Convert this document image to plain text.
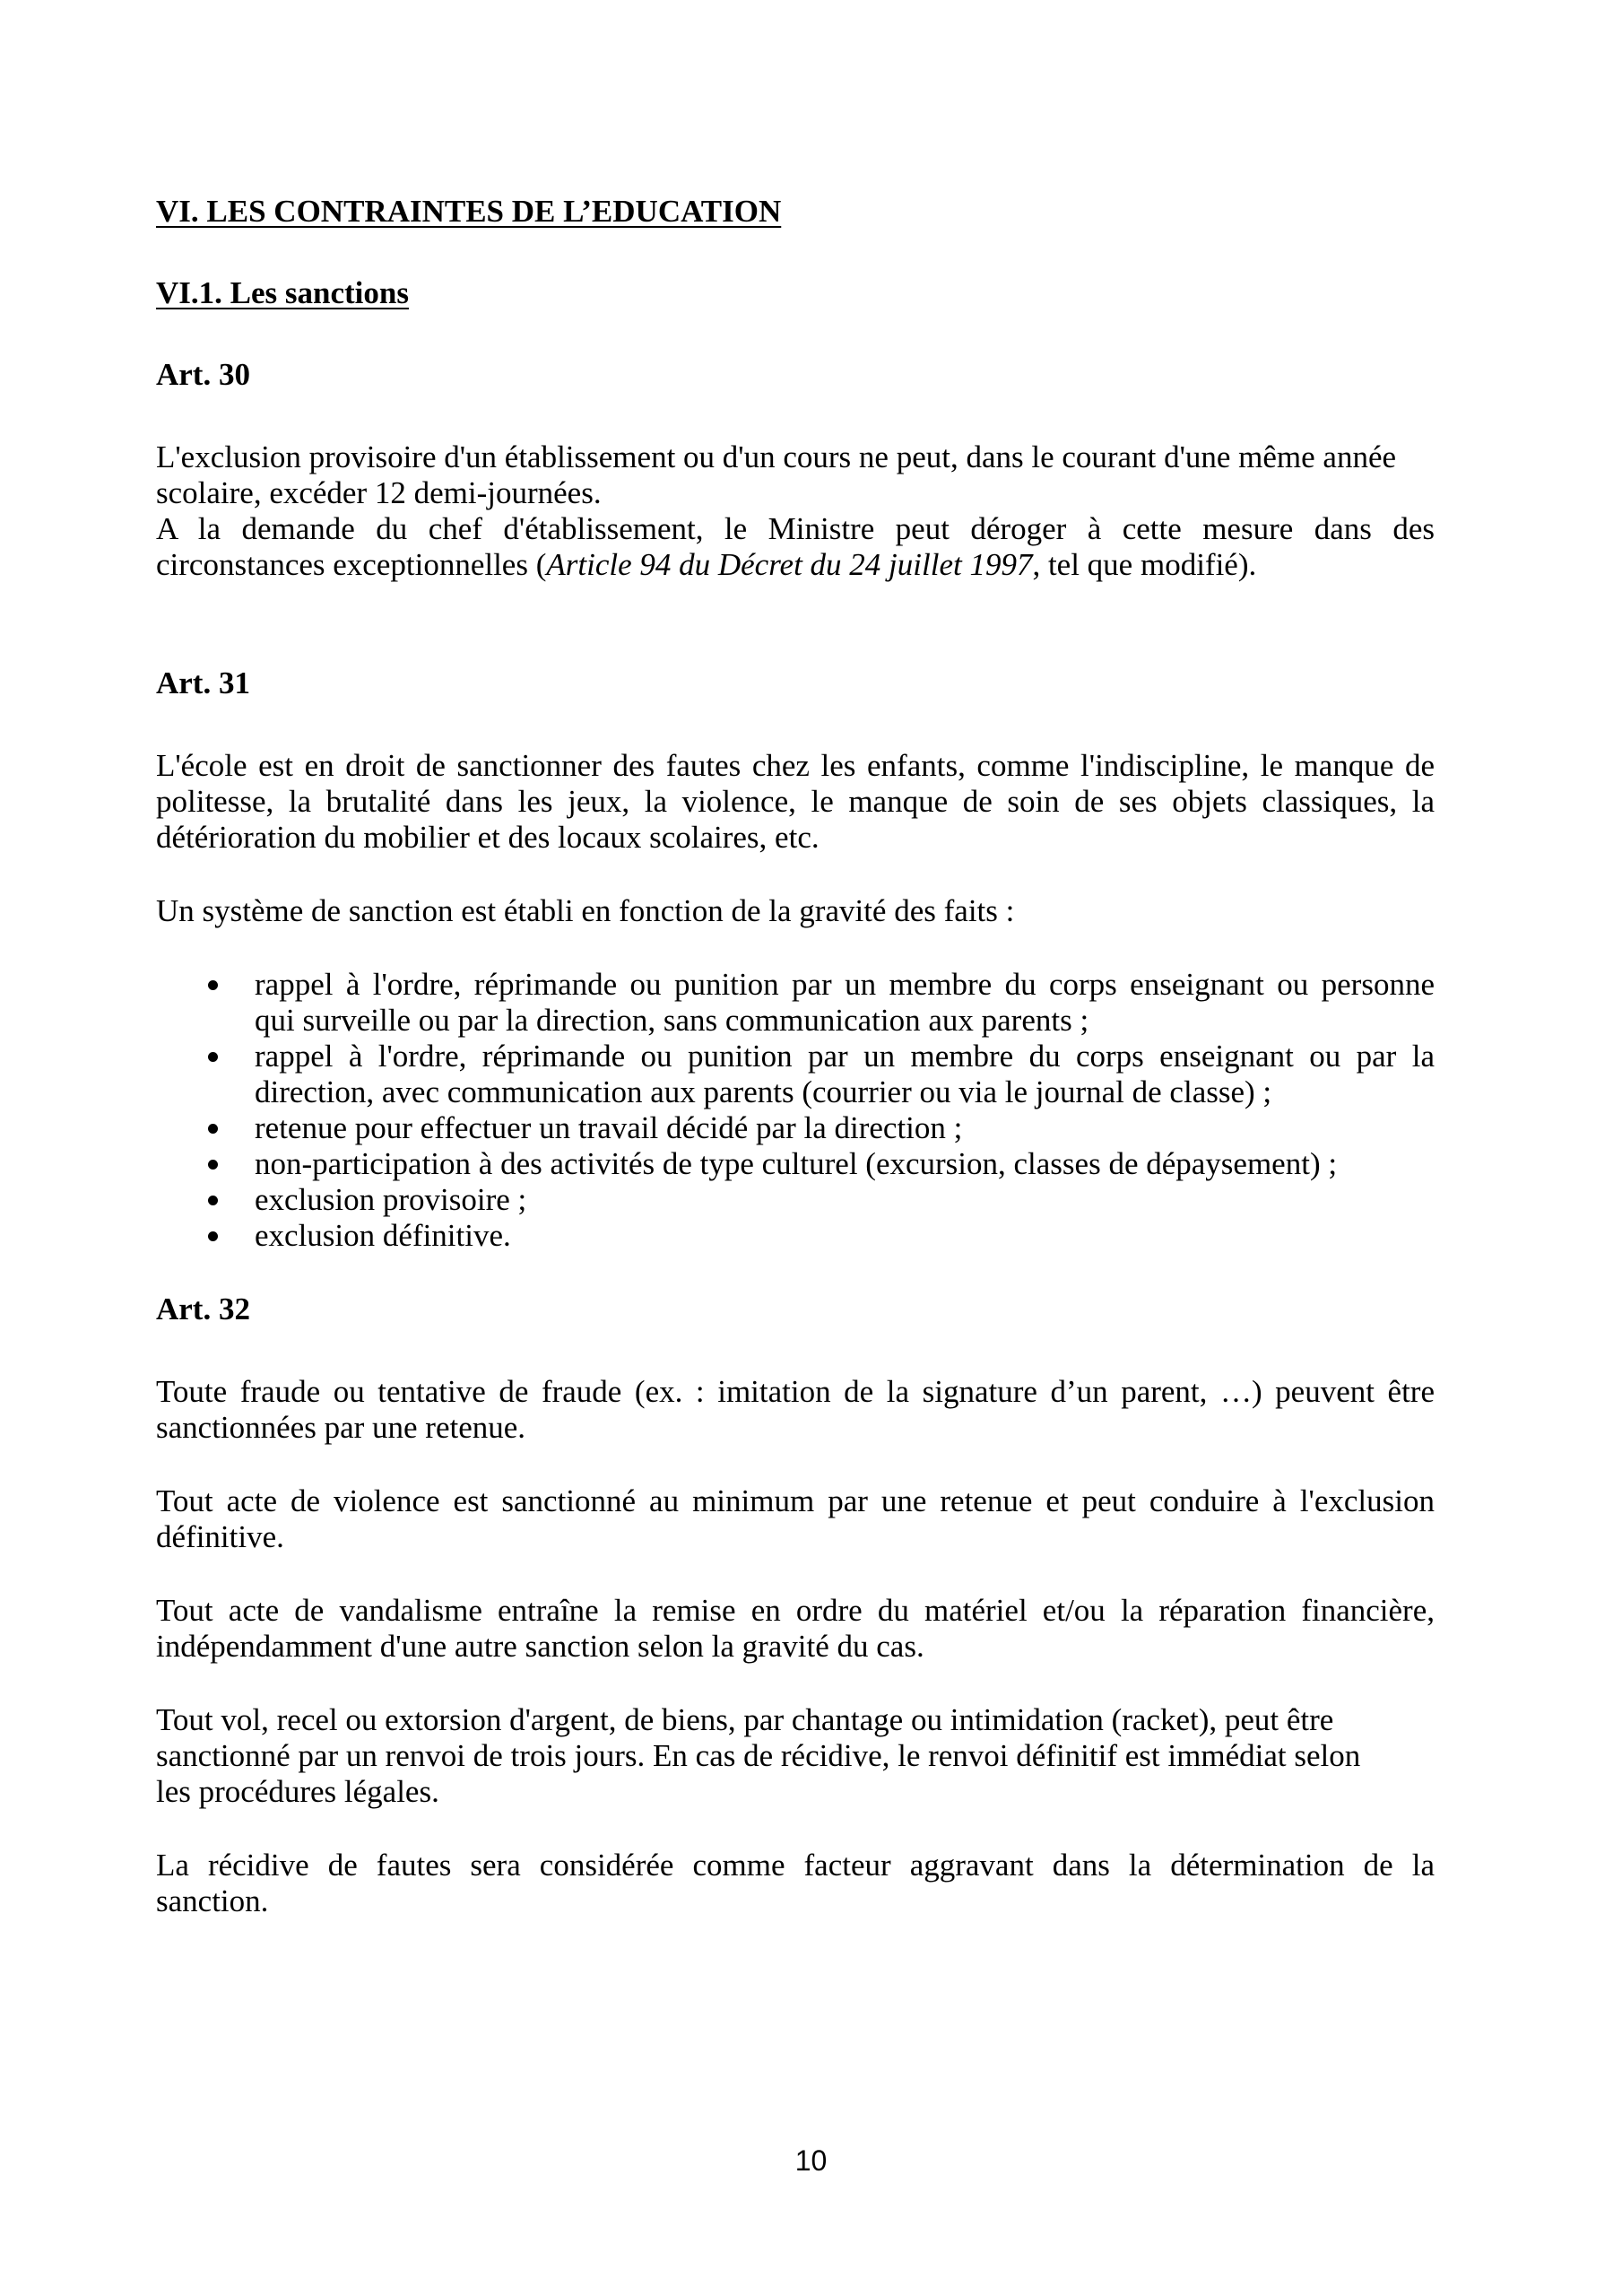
VI. LES CONTRAINTES DE L’EDUCATION

VI.1. Les sanctions

Art. 30

L'exclusion provisoire d'un établissement ou d'un cours ne peut, dans le courant d'une même année
scolaire, excéder 12 demi-journées.

A la demande du chef d'établissement, le Ministre peut déroger à cette mesure dans des
circonstances exceptionnelles (Article 94 du Décret du 24 juillet 1997, tel que modifié).

Art. 31

L'école est en droit de sanctionner des fautes chez les enfants, comme l'indiscipline, le manque de
politesse, la brutalité dans les jeux, la violence, le manque de soin de ses objets classiques, la
détérioration du mobilier et des locaux scolaires, etc.

Un système de sanction est établi en fonction de la gravité des faits :

rappel à l'ordre, réprimande ou punition par un membre du corps enseignant ou personne
qui surveille ou par la direction, sans communication aux parents ;
rappel à l'ordre, réprimande ou punition par un membre du corps enseignant ou par la
direction, avec communication aux parents (courrier ou via le journal de classe) ;
retenue pour effectuer un travail décidé par la direction ;
non-participation à des activités de type culturel (excursion, classes de dépaysement) ;
exclusion provisoire ;
exclusion définitive.

Art. 32

Toute fraude ou tentative de fraude (ex. : imitation de la signature d’un parent, …) peuvent être
sanctionnées par une retenue.

Tout acte de violence est sanctionné au minimum par une retenue et peut conduire à l'exclusion
définitive.

Tout acte de vandalisme entraîne la remise en ordre du matériel et/ou la réparation financière,
indépendamment d'une autre sanction selon la gravité du cas.

Tout vol, recel ou extorsion d'argent, de biens, par chantage ou intimidation (racket), peut être
sanctionné par un renvoi de trois jours. En cas de récidive, le renvoi définitif est immédiat selon
les procédures légales.

La récidive de fautes sera considérée comme facteur aggravant dans la détermination de la
sanction.

10
